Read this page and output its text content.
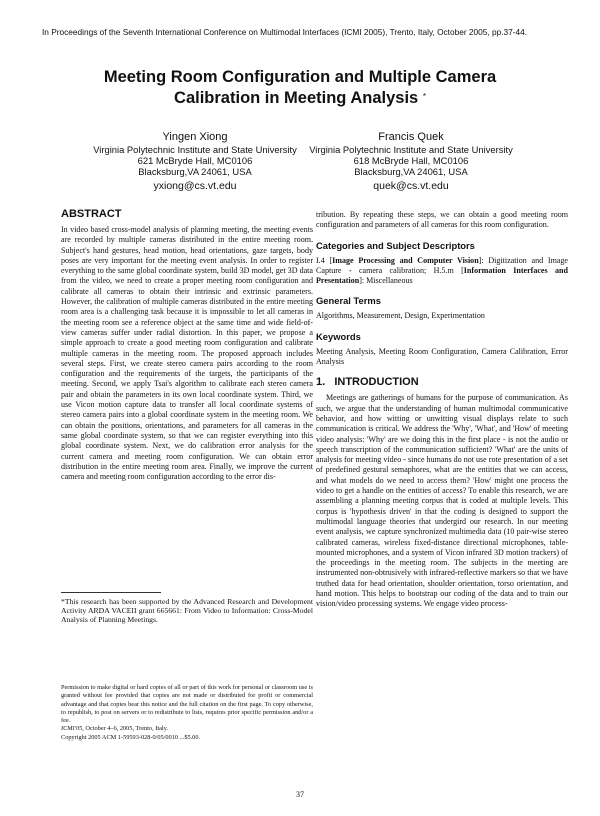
In Proceedings of the Seventh International Conference on Multimodal Interfaces (ICMI 2005), Trento, Italy, October 2005, pp.37-44.
Meeting Room Configuration and Multiple Camera
Calibration in Meeting Analysis *
Yingen Xiong
Virginia Polytechnic Institute and State University
621 McBryde Hall, MC0106
Blacksburg,VA 24061, USA
yxiong@cs.vt.edu
Francis Quek
Virginia Polytechnic Institute and State University
618 McBryde Hall, MC0106
Blacksburg,VA 24061, USA
quek@cs.vt.edu
ABSTRACT

In video based cross-model analysis of planning meeting, the meeting events are recorded by multiple cameras distributed in the entire meeting room. Subject's hand gestures, head motion, head orientations, gaze targets, body poses are very important for the meeting event analysis. In order to register everything to the same global coordinate system, build 3D model, get 3D data from the video, we need to create a proper meeting room configuration and calibrate all cameras to obtain their intrinsic and extrinsic parameters. However, the calibration of multiple cameras distributed in the entire meeting room area is a challenging task because it is impossible to let all cameras in the meeting room see a reference object at the same time and wide field-of-view cameras suffer under radial distortion. In this paper, we propose a simple approach to create a good meeting room configuration and calibrate multiple cameras in the meeting room. The proposed approach includes several steps. First, we create stereo camera pairs according to the room configuration and the requirements of the targets, the participants of the meeting. Second, we apply Tsai's algorithm to calibrate each stereo camera pair and obtain the parameters in its own local coordinate system. Third, we use Vicon motion capture data to transfer all local coordinate systems of stereo camera pairs into a global coordinate system in the meeting room. We can obtain the positions, orientations, and parameters for all cameras in the same global coordinate system, so that we can register everything into this global coordinate system. Next, we do calibration error analysis for the current camera and meeting room configuration. We can obtain error distribution in the entire meeting room area. Finally, we improve the current camera and meeting room configuration according to the error dis-

*This research has been supported by the Advanced Research and Development Activity ARDA VACEII grant 665661: From Video to Information: Cross-Model Analysis of Planning Meetings.
Permission to make digital or hard copies of all or part of this work for personal or classroom use is granted without fee provided that copies are not made or distributed for profit or commercial advantage and that copies bear this notice and the full citation on the first page. To copy otherwise, to republish, to post on servers or to redistribute to lists, requires prior specific permission and/or a fee.
ICMI'05, October 4–6, 2005, Trento, Italy.
Copyright 2005 ACM 1-59593-028-0/05/0010 ...$5.00.

tribution. By repeating these steps, we can obtain a good meeting room configuration and parameters of all cameras for this room configuration.

Categories and Subject Descriptors

I.4 [Image Processing and Computer Vision]: Digitization and Image Capture - camera calibration; H.5.m [Information Interfaces and Presentation]: Miscellaneous

General Terms

Algorithms, Measurement, Design, Experimentation

Keywords

Meeting Analysis, Meeting Room Configuration, Camera Calibration, Error Analysis

1.   INTRODUCTION

Meetings are gatherings of humans for the purpose of communication. As such, we argue that the understanding of human multimodal communicative behavior, and how witting or unwitting visual displays relate to such communication is critical. We address the 'Why', 'What', and 'How' of meeting video analysis: 'Why' are we doing this in the first place - is not the audio or speech transcription of the communication sufficient? 'What' are the units of analysis for meeting video - since humans do not use rote presentation of a set of predefined gestural semaphores, what are the entities that we can access, and what models do we need to access them? 'How' might one process the video to get a handle on the entities of access? To enable this research, we are assembling a planning meeting corpus that is coded at multiple levels. This corpus is 'hypothesis driven' in that the coding is designed to support the multimodal language theories that undergird our research. In our meeting event analysis, we capture synchronized multimedia data (10 pair-wise stereo calibrated cameras, wireless fixed-distance directional microphones, table-mounted microphones, and a system of Vicon infrared 3D motion trackers) of the proceedings in the meeting room. The subjects in the meeting are instrumented non-obtrusively with infrared-reflective markers so that we have truthed data for head orientation, shoulder orientation, torso orientation, and hand motion. This helps to bootstrap our coding of the data and to train our vision/video processing systems. We engage video process-

37
